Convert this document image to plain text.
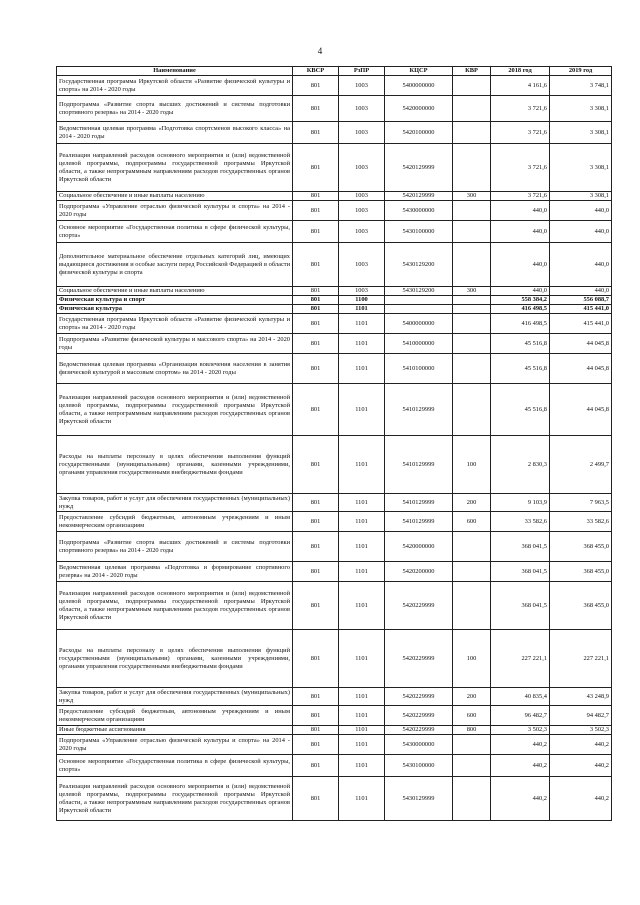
4
Наименование	КВСР	РзПР	КЦСР	КВР	2018 год	2019 год
Государственная программа Иркутской области «Развитие физической культуры и спорта» на 2014 - 2020 годы	801	1003	5400000000		4 161,6	3 748,1
Подпрограмма «Развитие спорта высших достижений и системы подготовки спортивного резерва» на 2014 - 2020 годы	801	1003	5420000000		3 721,6	3 308,1
Ведомственная целевая программа «Подготовка спортсменов высокого класса» на 2014 - 2020 годы	801	1003	5420100000		3 721,6	3 308,1
Реализация направлений расходов основного мероприятия и (или) ведомственной целевой программы, подпрограммы государственной программы Иркутской области, а также непрограммным направлениям расходов государственных органов Иркутской области	801	1003	5420129999		3 721,6	3 308,1
Социальное обеспечение и иные выплаты населению	801	1003	5420129999	300	3 721,6	3 308,1
Подпрограмма «Управление отраслью физической культуры и спорта» на 2014 - 2020 годы	801	1003	5430000000		440,0	440,0
Основное мероприятие «Государственная политика в сфере физической культуры, спорта»	801	1003	5430100000		440,0	440,0
Дополнительное материальное обеспечение отдельных категорий лиц, имеющих выдающиеся достижения и особые заслуги перед Российской Федерацией в области физической культуры и спорта	801	1003	5430129200		440,0	440,0
Социальное обеспечение и иные выплаты населению	801	1003	5430129200	300	440,0	440,0
Физическая культура и спорт	801	1100			558 384,2	556 088,7
Физическая культура	801	1101			416 498,5	415 441,0
Государственная программа Иркутской области «Развитие физической культуры и спорта» на 2014 - 2020 годы	801	1101	5400000000		416 498,5	415 441,0
Подпрограмма «Развитие физической культуры и массового спорта» на 2014 - 2020 годы	801	1101	5410000000		45 516,8	44 045,8
Ведомственная целевая программа «Организация вовлечения населения в занятия физической культурой и массовым спортом» на 2014 - 2020 годы	801	1101	5410100000		45 516,8	44 045,8
Реализация направлений расходов основного мероприятия и (или) ведомственной целевой программы, подпрограммы государственной программы Иркутской области, а также непрограммным направлениям расходов государственных органов Иркутской области	801	1101	5410129999		45 516,8	44 045,8
Расходы на выплаты персоналу в целях обеспечения выполнения функций государственными (муниципальными) органами, казенными учреждениями, органами управления государственными внебюджетными фондами	801	1101	5410129999	100	2 830,3	2 499,7
Закупка товаров, работ и услуг для обеспечения государственных (муниципальных) нужд	801	1101	5410129999	200	9 103,9	7 963,5
Предоставление субсидий бюджетным, автономным учреждениям и иным некоммерческим организациям	801	1101	5410129999	600	33 582,6	33 582,6
Подпрограмма «Развитие спорта высших достижений и системы подготовки спортивного резерва» на 2014 - 2020 годы	801	1101	5420000000		368 041,5	368 455,0
Ведомственная целевая программа «Подготовка и формирование спортивного резерва» на 2014 - 2020 годы	801	1101	5420200000		368 041,5	368 455,0
Реализация направлений расходов основного мероприятия и (или) ведомственной целевой программы, подпрограммы государственной программы Иркутской области, а также непрограммным направлениям расходов государственных органов Иркутской области	801	1101	5420229999		368 041,5	368 455,0
Расходы на выплаты персоналу в целях обеспечения выполнения функций государственными (муниципальными) органами, казенными учреждениями, органами управления государственными внебюджетными фондами	801	1101	5420229999	100	227 221,1	227 221,1
Закупка товаров, работ и услуг для обеспечения государственных (муниципальных) нужд	801	1101	5420229999	200	40 835,4	43 248,9
Предоставление субсидий бюджетным, автономным учреждениям и иным некоммерческим организациям	801	1101	5420229999	600	96 482,7	94 482,7
Иные бюджетные ассигнования	801	1101	5420229999	800	3 502,3	3 502,3
Подпрограмма «Управление отраслью физической культуры и спорта» на 2014 - 2020 годы	801	1101	5430000000		440,2	440,2
Основное мероприятие «Государственная политика в сфере физической культуры, спорта»	801	1101	5430100000		440,2	440,2
Реализация направлений расходов основного мероприятия и (или) ведомственной целевой программы, подпрограммы государственной программы Иркутской области, а также непрограммным направлениям расходов государственных органов Иркутской области	801	1101	5430129999		440,2	440,2
